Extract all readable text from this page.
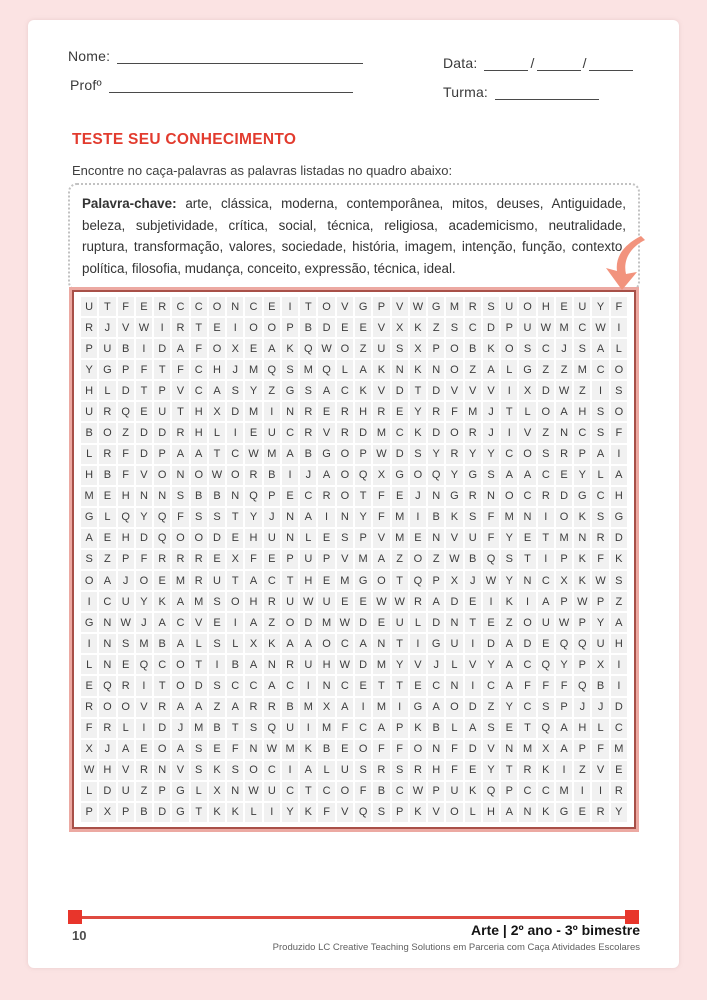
Nome:	Data:	/	/
Profº	Turma:
TESTE SEU CONHECIMENTO

Encontre no caça-palavras as palavras listadas no quadro abaixo:

Palavra-chave: arte, clássica, moderna, contemporânea, mitos, deuses, Antiguidade, beleza, subjetividade, crítica, social, técnica, religiosa, academicismo, neutralidade, ruptura, transformação, valores, sociedade, história, imagem, intenção, função, contexto, política, filosofia, mudança, conceito, expressão, técnica, ideal.
U T	F	E R C C O N C E	I	T O V G P V W G M R S U O H E U Y	F
R	J	V W	I	R T	E	I	O O P B D E E V X K	Z	S C D P U W M C W	I
P U B	I	D A	F O X E A K Q W O Z U S X P O B K O S C	J	S A	L
Y G P	F	T	F C H	J M Q S M Q L	A K N K N O Z	A	L G Z	Z M C O
H	L	D T	P V C A S Y	Z G S A C K V D T D V V V	I	X D W Z	I	S
U R Q E U T H X D M	I	N R E R H R E Y R F M J	T	L O A H S O
B O Z D D R H	L	I	E U C R V R D M C K D O R	J	I	V	Z N C S	F
L	R F D P A A	T C W M A B G O P W D S Y R Y Y C O S R P A	I
H B	F	V O N O W O R B	I	J	A O Q X G O Q Y G S A A C E Y	L	A
M E H N N S B B N Q P E C R O T	F	E	J	N G R N O C R D G C H
G L Q Y Q F	S S	T	Y	J	N A	I	N Y	F M	I	B K S	F M N	I	O K S G
A E H D Q O O D E H U N	L	E S P V M E N V U F	Y E	T M N R D
S	Z	P	F R R R E X	F	E P U P V M A	Z O Z W B Q S	T	I	P K	F	K
O A	J	O E M R U T	A C T H E M G O T Q P X	J W Y N C X K W S
I	C U Y K A M S O H R U W U E E W W R A D E	I	K	I	A P W P	Z
G N W J	A C V E	I	A	Z O D M W D E U	L	D N T	E	Z O U W P Y A
I	N S M B A	L	S	L	X K A A O C A N T	I	G U	I	D A D E Q Q U H
L	N E Q C O T	I	B A N R U H W D M Y V	J	L	V Y A C Q Y P X	I
E Q R	I	T O D S C C A C	I	N C E	T	T	E C N	I	C A	F	F	F Q B	I
R O O V R A A	Z	A R R B M X A	I	M	I	G A O D Z	Y C S P	J	J	D
F R	L	I	D	J M B	T	S Q U	I	M F C A P K B	L	A S E	T Q A H	L	C
X	J	A E O A S E	F N W M K B E O F	F O N F D V N M X A P	F M
W H V R N V S K S O C	I	A	L	U S R S R H F	E Y	T R K	I	Z	V E
L	D U Z	P G L	X N W U C T C O F	B C W P U K Q P C C M	I	I	R
P X P B D G T	K K	L	I	Y K	F	V Q S P K V O L	H A N K G E R Y
10	Arte | 2º ano - 3º bimestre
Produzido LC Creative Teaching Solutions em Parceria com Caça Atividades Escolares
